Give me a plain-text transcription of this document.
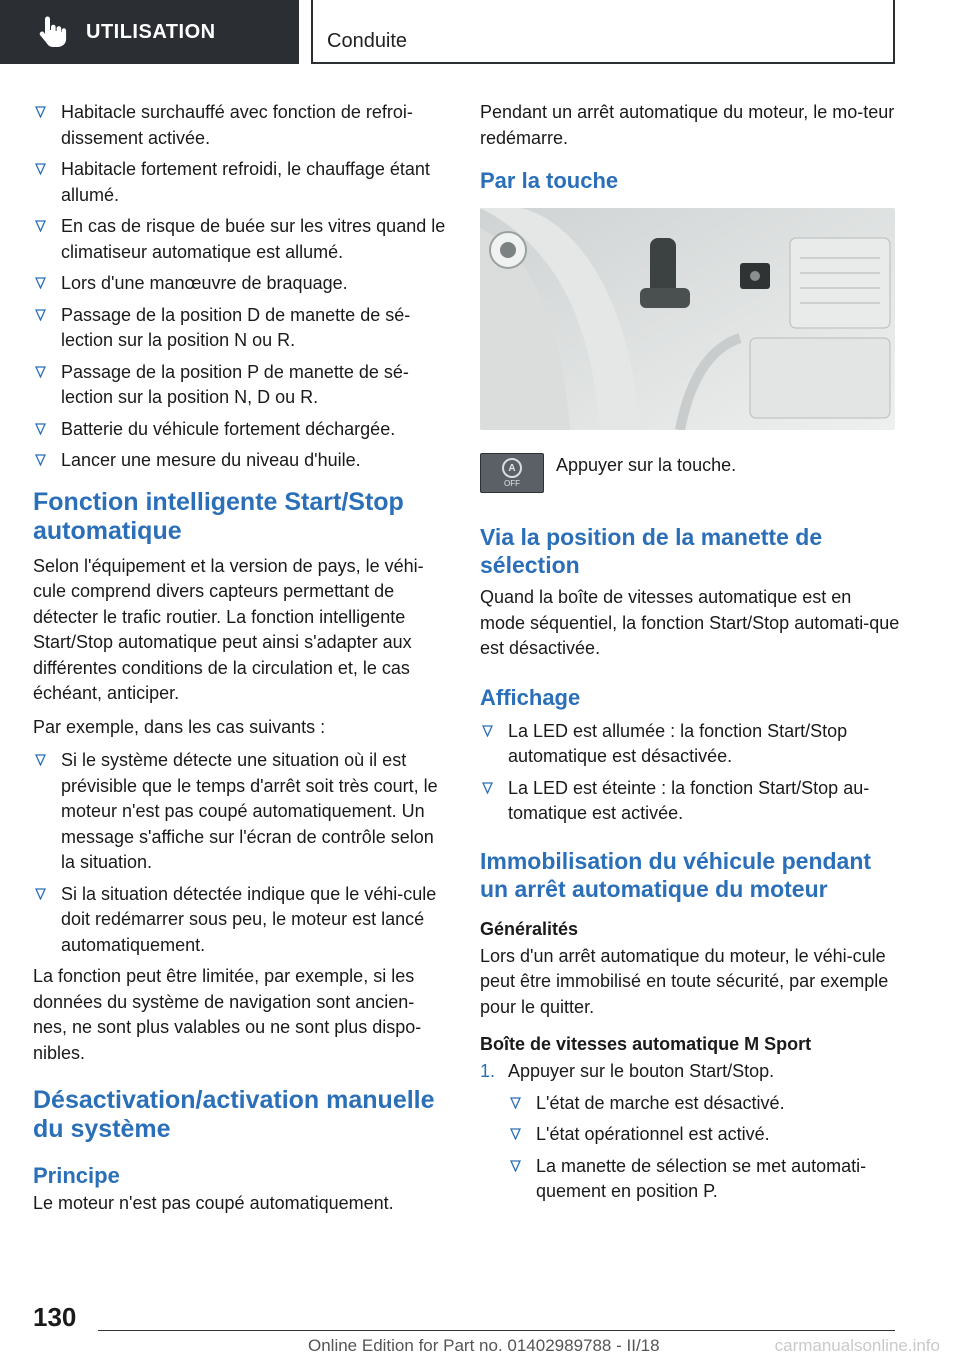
UTILISATION	Conduite
Habitacle surchauffé avec fonction de refroi-dissement activée.
Habitacle fortement refroidi, le chauffage étant allumé.
En cas de risque de buée sur les vitres quand le climatiseur automatique est allumé.
Lors d'une manœuvre de braquage.
Passage de la position D de manette de sé-lection sur la position N ou R.
Passage de la position P de manette de sé-lection sur la position N, D ou R.
Batterie du véhicule fortement déchargée.
Lancer une mesure du niveau d'huile.
Fonction intelligente Start/Stop automatique

Selon l'équipement et la version de pays, le véhi-cule comprend divers capteurs permettant de détecter le trafic routier. La fonction intelligente Start/Stop automatique peut ainsi s'adapter aux différentes conditions de la circulation et, le cas échéant, anticiper.

Par exemple, dans les cas suivants :

Si le système détecte une situation où il est prévisible que le temps d'arrêt soit très court, le moteur n'est pas coupé automatiquement. Un message s'affiche sur l'écran de contrôle selon la situation.
Si la situation détectée indique que le véhi-cule doit redémarrer sous peu, le moteur est lancé automatiquement.

La fonction peut être limitée, par exemple, si les données du système de navigation sont ancien-nes, ne sont plus valables ou ne sont plus dispo-nibles.

Désactivation/activation manuelle du système
Principe

Le moteur n'est pas coupé automatiquement.

Pendant un arrêt automatique du moteur, le mo-teur redémarre.

Par la touche
A
OFF

Appuyer sur la touche.

Via la position de la manette de sélection

Quand la boîte de vitesses automatique est en mode séquentiel, la fonction Start/Stop automati-que est désactivée.

Affichage
La LED est allumée : la fonction Start/Stop automatique est désactivée.
La LED est éteinte : la fonction Start/Stop au-tomatique est activée.
Immobilisation du véhicule pendant un arrêt automatique du moteur
Généralités

Lors d'un arrêt automatique du moteur, le véhi-cule peut être immobilisé en toute sécurité, par exemple pour le quitter.

Boîte de vitesses automatique M Sport
1. Appuyer sur le bouton Start/Stop.
L'état de marche est désactivé.
L'état opérationnel est activé.
La manette de sélection se met automati-quement en position P.
130
Online Edition for Part no. 01402989788 - II/18	carmanualsonline.info
